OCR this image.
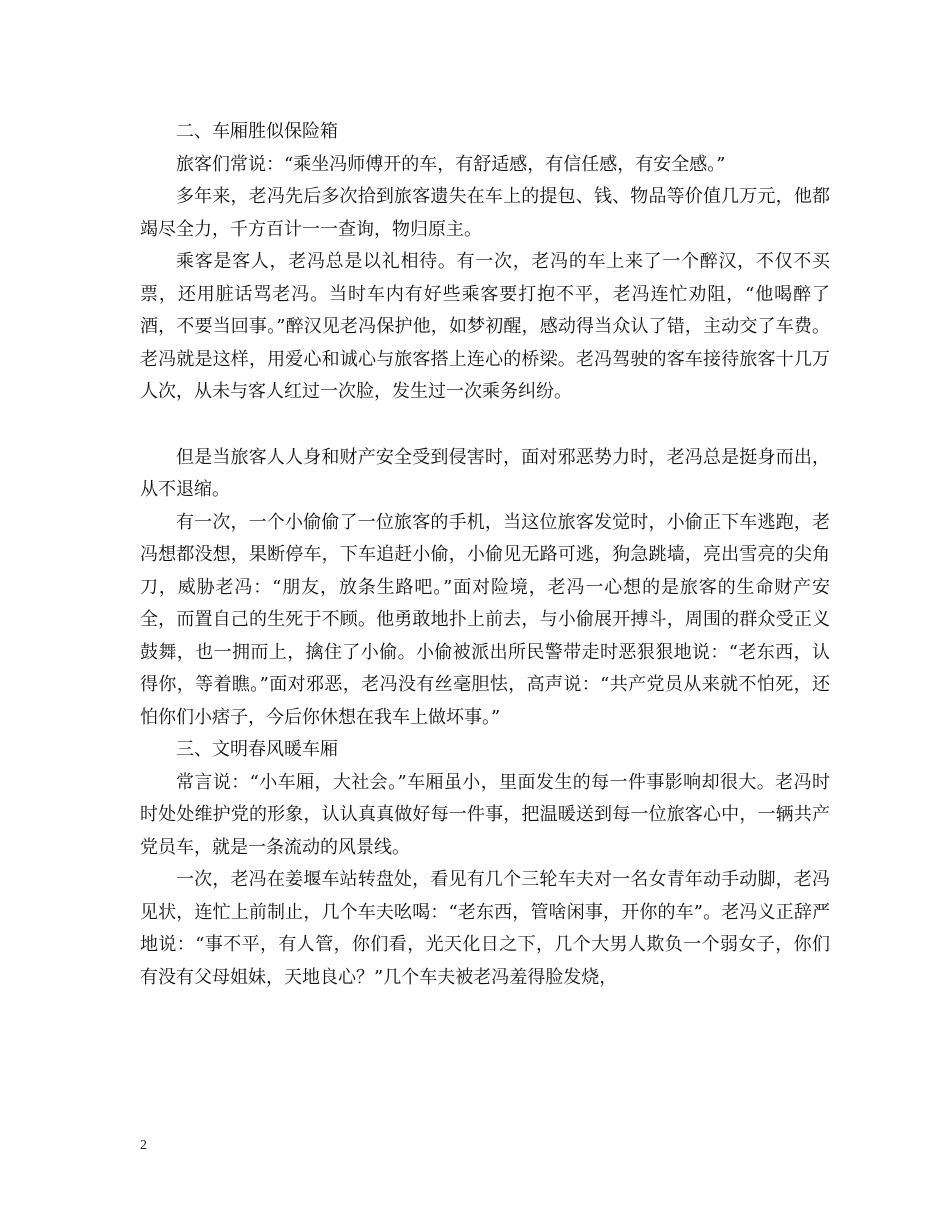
二、车厢胜似保险箱

旅客们常说：“乘坐冯师傅开的车，有舒适感，有信任感，有安全感。”

多年来，老冯先后多次拾到旅客遗失在车上的提包、钱、物品等价值几万元，他都竭尽全力，千方百计一一查询，物归原主。

乘客是客人，老冯总是以礼相待。有一次，老冯的车上来了一个醉汉，不仅不买票，还用脏话骂老冯。当时车内有好些乘客要打抱不平，老冯连忙劝阻，“他喝醉了酒，不要当回事。”醉汉见老冯保护他，如梦初醒，感动得当众认了错，主动交了车费。老冯就是这样，用爱心和诚心与旅客搭上连心的桥梁。老冯驾驶的客车接待旅客十几万人次，从未与客人红过一次脸，发生过一次乘务纠纷。

但是当旅客人人身和财产安全受到侵害时，面对邪恶势力时，老冯总是挺身而出，从不退缩。

有一次，一个小偷偷了一位旅客的手机，当这位旅客发觉时，小偷正下车逃跑，老冯想都没想，果断停车，下车追赶小偷，小偷见无路可逃，狗急跳墙，亮出雪亮的尖角刀，威胁老冯：“朋友，放条生路吧。”面对险境，老冯一心想的是旅客的生命财产安全，而置自己的生死于不顾。他勇敢地扑上前去，与小偷展开搏斗，周围的群众受正义鼓舞，也一拥而上，擒住了小偷。小偷被派出所民警带走时恶狠狠地说：“老东西，认得你，等着瞧。”面对邪恶，老冯没有丝毫胆怯，高声说：“共产党员从来就不怕死，还怕你们小痞子，今后你休想在我车上做坏事。”

三、文明春风暖车厢

常言说：“小车厢，大社会。”车厢虽小，里面发生的每一件事影响却很大。老冯时时处处维护党的形象，认认真真做好每一件事，把温暖送到每一位旅客心中，一辆共产党员车，就是一条流动的风景线。

一次，老冯在姜堰车站转盘处，看见有几个三轮车夫对一名女青年动手动脚，老冯见状，连忙上前制止，几个车夫吆喝：“老东西，管啥闲事，开你的车”。老冯义正辞严地说：“事不平，有人管，你们看，光天化日之下，几个大男人欺负一个弱女子，你们有没有父母姐妹，天地良心？”几个车夫被老冯羞得脸发烧，

2
